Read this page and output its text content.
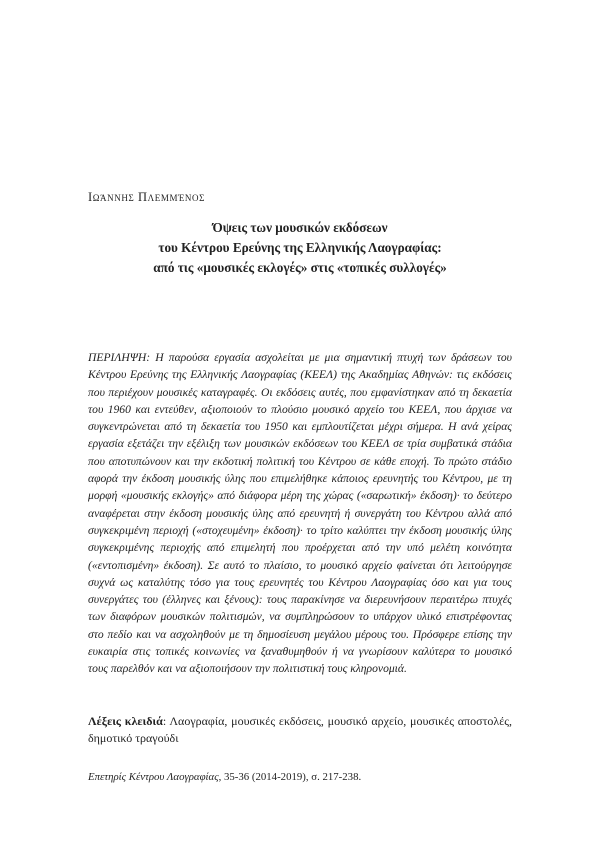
Ιωάννης Πλεμμένος
Όψεις των μουσικών εκδόσεων
του Κέντρου Ερεύνης της Ελληνικής Λαογραφίας:
από τις «μουσικές εκλογές» στις «τοπικές συλλογές»

ΠΕΡΙΛΗΨΗ: Η παρούσα εργασία ασχολείται με μια σημαντική πτυχή των δράσεων του Κέντρου Ερεύνης της Ελληνικής Λαογραφίας (ΚΕΕΛ) της Ακαδημίας Αθηνών: τις εκδόσεις που περιέχουν μουσικές καταγραφές. Οι εκδόσεις αυτές, που εμφανίστηκαν από τη δεκαετία του 1960 και εντεύθεν, αξιοποιούν το πλούσιο μουσικό αρχείο του ΚΕΕΛ, που άρχισε να συγκεντρώνεται από τη δεκαετία του 1950 και εμπλουτίζεται μέχρι σήμερα. Η ανά χείρας εργασία εξετάζει την εξέλιξη των μουσικών εκδόσεων του ΚΕΕΛ σε τρία συμβατικά στάδια που αποτυπώνουν και την εκδοτική πολιτική του Κέντρου σε κάθε εποχή. Το πρώτο στάδιο αφορά την έκδοση μουσικής ύλης που επιμελήθηκε κάποιος ερευνητής του Κέντρου, με τη μορφή «μουσικής εκλογής» από διάφορα μέρη της χώρας («σαρωτική» έκδοση)· το δεύτερο αναφέρεται στην έκδοση μουσικής ύλης από ερευνητή ή συνεργάτη του Κέντρου αλλά από συγκεκριμένη περιοχή («στοχευμένη» έκδοση)· το τρίτο καλύπτει την έκδοση μουσικής ύλης συγκεκριμένης περιοχής από επιμελητή που προέρχεται από την υπό μελέτη κοινότητα («εντοπισμένη» έκδοση). Σε αυτό το πλαίσιο, το μουσικό αρχείο φαίνεται ότι λειτούργησε συχνά ως καταλύτης τόσο για τους ερευνητές του Κέντρου Λαογραφίας όσο και για τους συνεργάτες του (έλληνες και ξένους): τους παρακίνησε να διερευνήσουν περαιτέρω πτυχές των διαφόρων μουσικών πολιτισμών, να συμπληρώσουν το υπάρχον υλικό επιστρέφοντας στο πεδίο και να ασχοληθούν με τη δημοσίευση μεγάλου μέρους του. Πρόσφερε επίσης την ευκαιρία στις τοπικές κοινωνίες να ξαναθυμηθούν ή να γνωρίσουν καλύτερα το μουσικό τους παρελθόν και να αξιοποιήσουν την πολιτιστική τους κληρονομιά.

Λέξεις κλειδιά: Λαογραφία, μουσικές εκδόσεις, μουσικό αρχείο, μουσικές αποστολές, δημοτικό τραγούδι

Επετηρίς Κέντρου Λαογραφίας, 35-36 (2014-2019), σ. 217-238.
